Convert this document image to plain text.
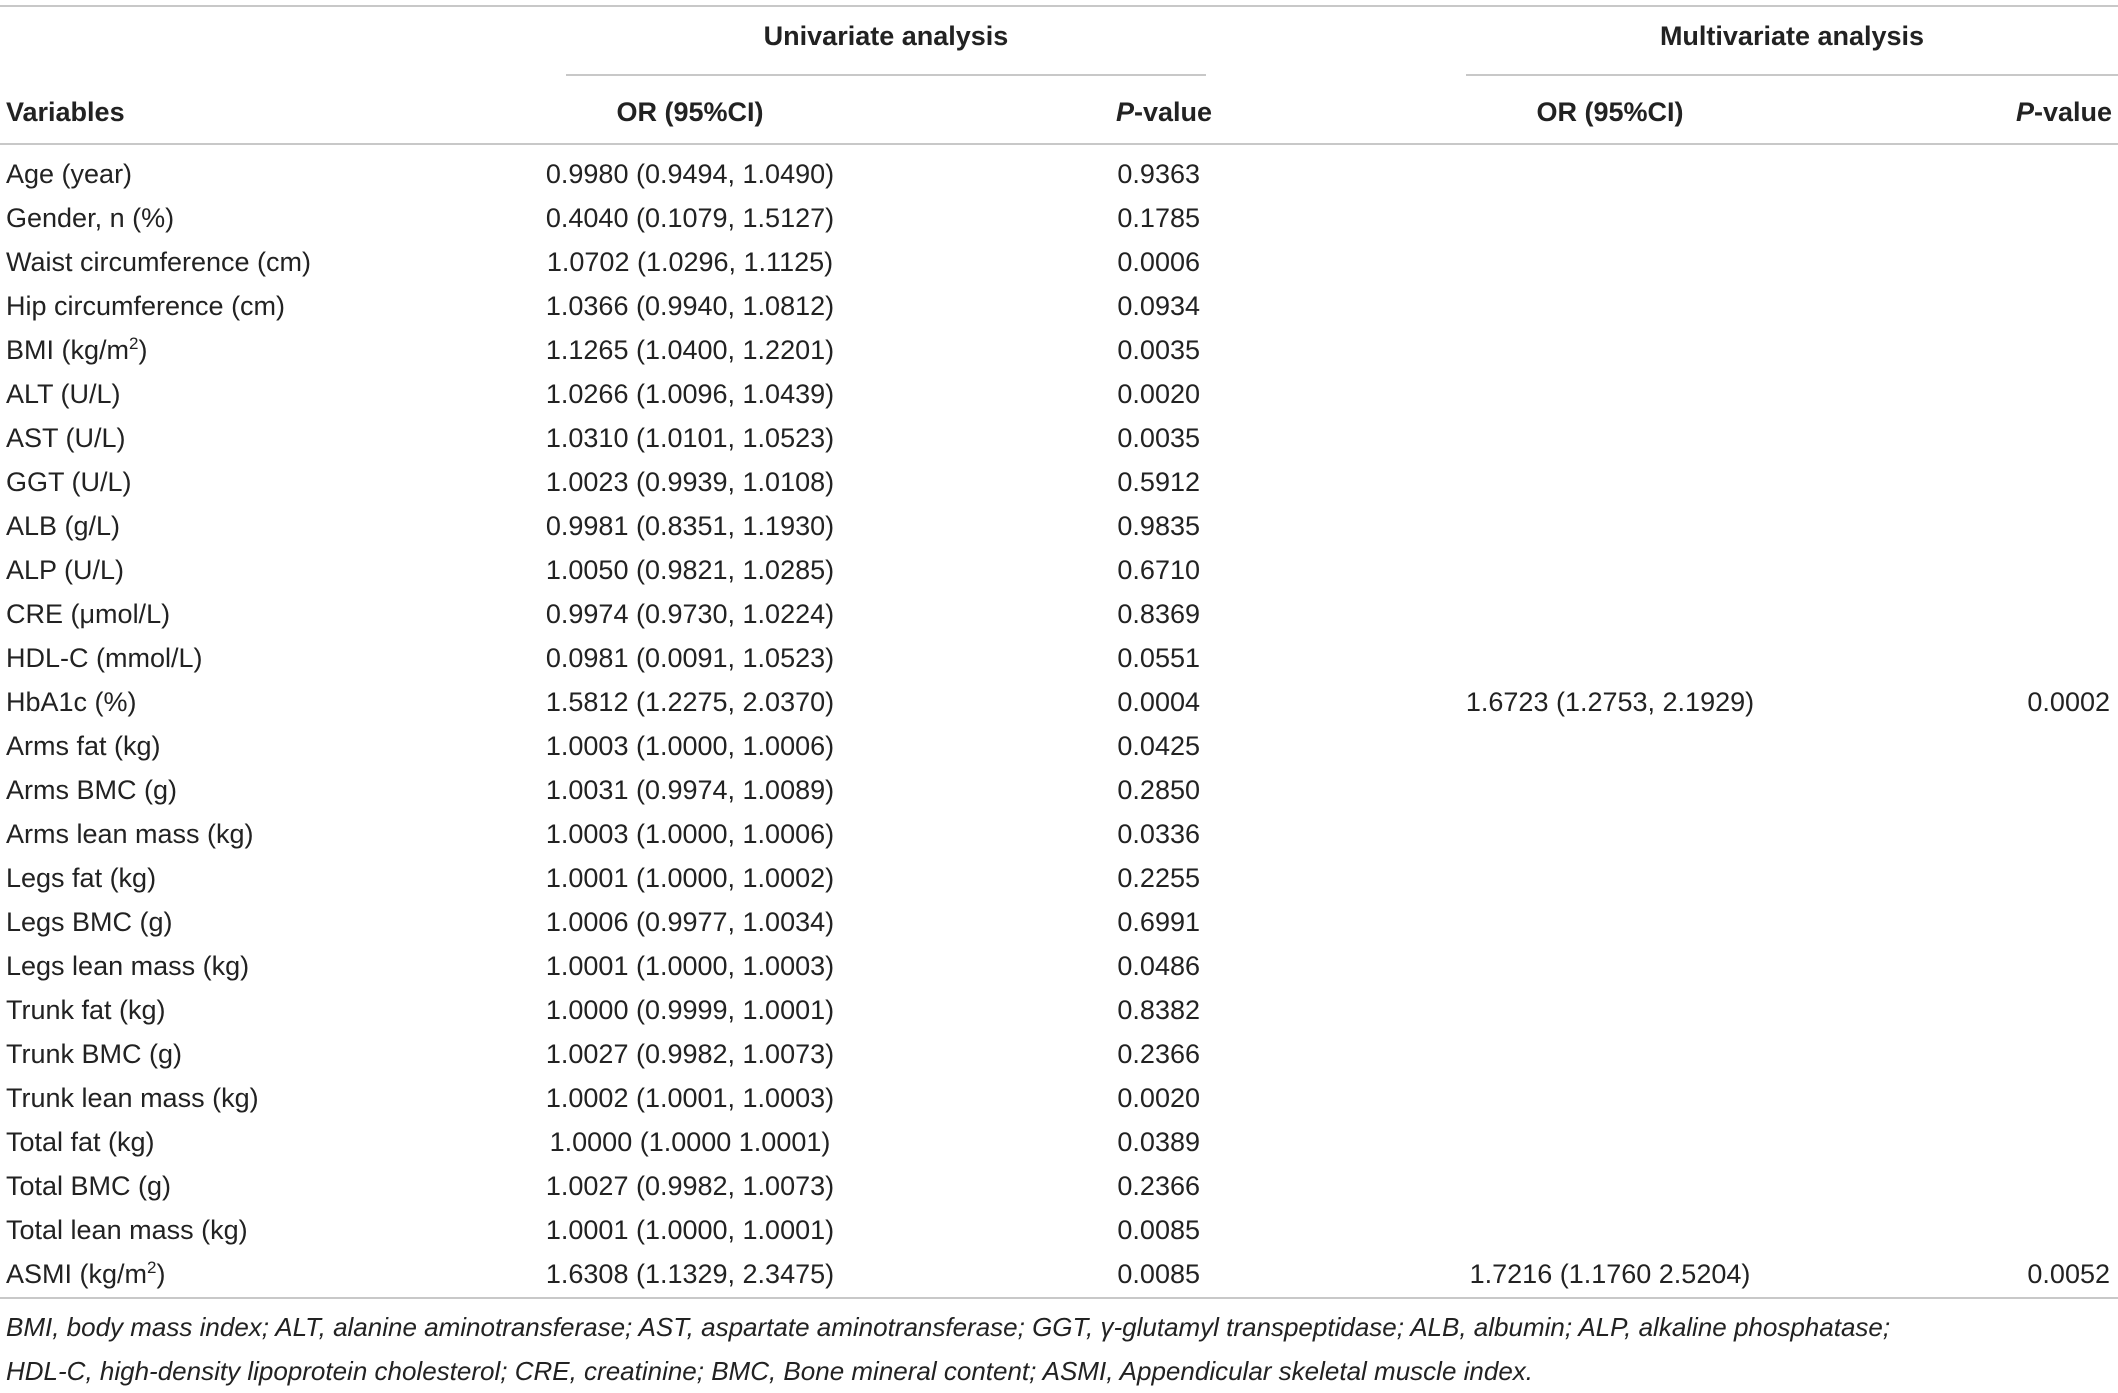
Univariate analysis	Multivariate analysis
Variables	OR (95%CI)	P-value	OR (95%CI)	P-value
Age (year)	0.9980 (0.9494, 1.0490)	0.9363
Gender, n (%)	0.4040 (0.1079, 1.5127)	0.1785
Waist circumference (cm)	1.0702 (1.0296, 1.1125)	0.0006
Hip circumference (cm)	1.0366 (0.9940, 1.0812)	0.0934
BMI $(kg/m^2)$	1.1265 (1.0400, 1.2201)	0.0035
ALT (U/L)	1.0266 (1.0096, 1.0439)	0.0020
AST (U/L)	1.0310 (1.0101, 1.0523)	0.0035
GGT (U/L)	1.0023 (0.9939, 1.0108)	0.5912
ALB (g/L)	0.9981 (0.8351, 1.1930)	0.9835
ALP (U/L)	1.0050 (0.9821, 1.0285)	0.6710
CRE (μmol/L)	0.9974 (0.9730, 1.0224)	0.8369
HDL-C (mmol/L)	0.0981 (0.0091, 1.0523)	0.0551
HbA1c (%)	1.5812 (1.2275, 2.0370)	0.0004	1.6723 (1.2753, 2.1929)	0.0002
Arms fat (kg)	1.0003 (1.0000, 1.0006)	0.0425
Arms BMC (g)	1.0031 (0.9974, 1.0089)	0.2850
Arms lean mass (kg)	1.0003 (1.0000, 1.0006)	0.0336
Legs fat (kg)	1.0001 (1.0000, 1.0002)	0.2255
Legs BMC (g)	1.0006 (0.9977, 1.0034)	0.6991
Legs lean mass (kg)	1.0001 (1.0000, 1.0003)	0.0486
Trunk fat (kg)	1.0000 (0.9999, 1.0001)	0.8382
Trunk BMC (g)	1.0027 (0.9982, 1.0073)	0.2366
Trunk lean mass (kg)	1.0002 (1.0001, 1.0003)	0.0020
Total fat (kg)	1.0000 (1.0000 1.0001)	0.0389
Total BMC (g)	1.0027 (0.9982, 1.0073)	0.2366
Total lean mass (kg)	1.0001 (1.0000, 1.0001)	0.0085
ASMI $(kg/m^2)$	1.6308 (1.1329, 2.3475)	0.0085	1.7216 (1.1760 2.5204)	0.0052
BMI, body mass index; ALT, alanine aminotransferase; AST, aspartate aminotransferase; GGT, γ-glutamyl transpeptidase; ALB, albumin; ALP, alkaline phosphatase;
HDL-C, high-density lipoprotein cholesterol; CRE, creatinine; BMC, Bone mineral content; ASMI, Appendicular skeletal muscle index.
